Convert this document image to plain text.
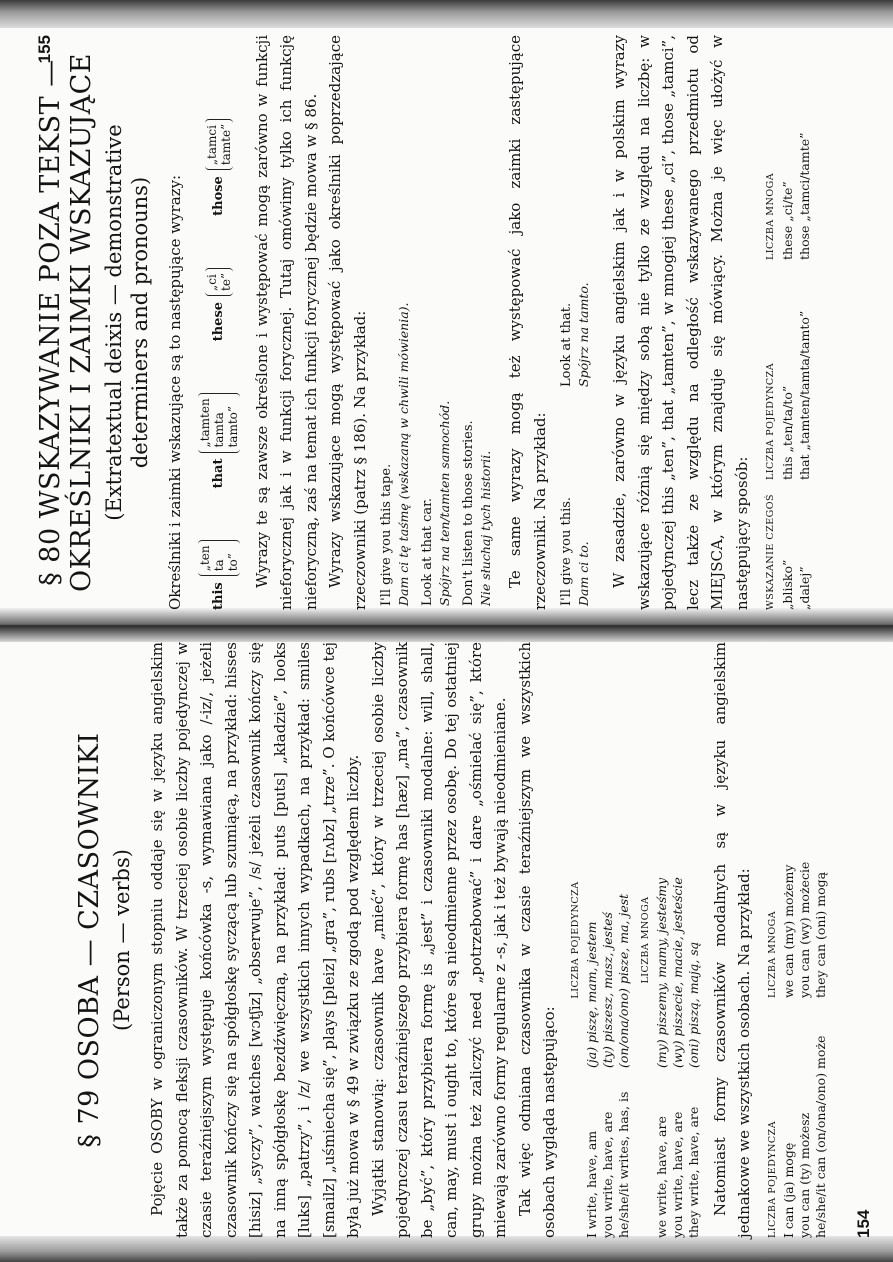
155
§ 80 WSKAZYWANIE POZA TEKST —
OKREŚLNIKI I ZAIMKI WSKAZUJĄCE (Extratextual deixis — demonstrative
determiners and pronouns) Określniki i zaimki wskazujące są to następujące wyrazy: this
„ten ta to”
that
„tamten tamta tamto”
these
„ci te”
those
„tamci tamte” Wyrazy te są zawsze określone i występować mogą zarówno w funkcji nieforycznej jak i w funkcji forycznej. Tutaj omówimy tylko ich funkcję nieforyczną, zaś na temat ich funkcji forycznej będzie mowa w § 86. Wyrazy wskazujące mogą występować jako określniki poprzedzające rzeczowniki (patrz § 186). Na przykład: I'll give you this tape. Dam ci tę taśmę (wskazaną w chwili mówienia). Look at that car. Spójrz na ten/tamten samochód. Don't listen to those stories. Nie słuchaj tych historii. Te same wyrazy mogą też występować jako zaimki zastępujące rzeczowniki. Na przykład: I'll give you this. Dam ci to.
Look at that. Spójrz na tamto. W zasadzie, zarówno w języku angielskim jak i w polskim wyrazy wskazujące różnią się między sobą nie tylko ze względu na liczbę: w pojedynczej this „ten”, that „tamten”, w mnogiej these „ci”, those „tamci”, lecz także ze względu na odległość wskazywanego przedmiotu od MIEJSCA, w którym znajduje się mówiący. Można je więc ułożyć w następujący sposób:	WSKAZANIE CZEGOŚ
LICZBA POJEDYNCZA
LICZBA MNOGA
„blisko”
this „ten/ta/to”
these „ci/te”
„dalej”
that „tamten/tamta/tamto”
those „tamci/tamte”
§ 79 OSOBA — CZASOWNIKI (Person — verbs) Pojęcie OSOBY w ograniczonym stopniu oddaje się w języku angielskim także za pomocą fleksji czasowników. W trzeciej osobie liczby pojedynczej w czasie teraźniejszym występuje końcówka -s, wymawiana jako /-iz/, jeżeli czasownik kończy się na spółgłoskę syczącą lub szumiącą, na przykład: hisses [hisiz] „syczy”, watches [wɔtʃiz] „obserwuje”, /s/ jeżeli czasownik kończy się na inną spółgłoskę bezdźwięczną, na przykład: puts [puts] „kładzie”, looks [luks] „patrzy”, i /z/ we wszystkich innych wypadkach, na przykład: smiles [smailz] „uśmiecha się”, plays [pleiz] „gra”, rubs [rʌbz] „trze”. O końcówce tej była już mowa w § 49 w związku ze zgodą pod względem liczby. Wyjątki stanowią: czasownik have „mieć”, który w trzeciej osobie liczby pojedynczej czasu teraźniejszego przybiera formę has [hæz] „ma”, czasownik be „być”, który przybiera formę is „jest” i czasowniki modalne: will, shall, can, may, must i ought to, które są nieodmienne przez osobę. Do tej ostatniej grupy można też zaliczyć need „potrzebować” i dare „ośmielać się”, które miewają zarówno formy regularne z -s, jak i też bywają nieodmieniane. Tak więc odmiana czasownika w czasie teraźniejszym we wszystkich osobach wygląda następująco:

LICZBA POJEDYNCZA
I write, have, am
(ja) piszę, mam, jestem
you write, have, are
(ty) piszesz, masz, jesteś
he/she/it writes, has, is
(on/ona/ono) pisze, ma, jest LICZBA MNOGA
we write, have, are
(my) piszemy, mamy, jesteśmy
you write, have, are
(wy) piszecie, macie, jesteście
they write, have, are
(oni) piszą, mają, są Natomiast formy czasowników modalnych są w języku angielskim jednakowe we wszystkich osobach. Na przykład:	LICZBA POJEDYNCZA
LICZBA MNOGA
I can (ja) mogę
we can (my) możemy
you can (ty) możesz
you can (wy) możecie
he/she/it can (on/ona/ono) może
they can (oni) mogą
154
